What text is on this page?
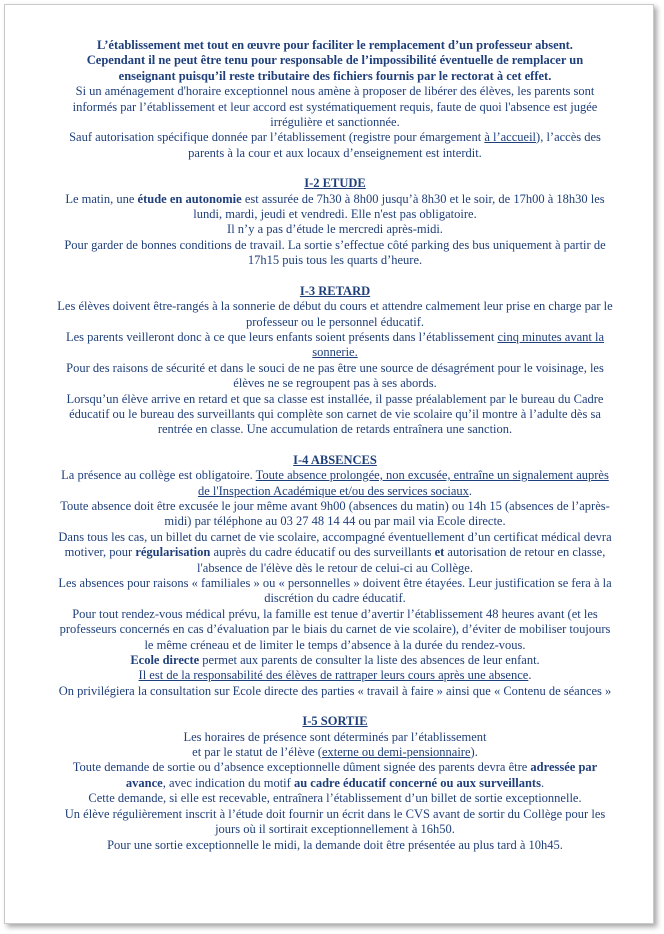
L’établissement met tout en œuvre pour faciliter le remplacement d’un professeur absent.
Cependant il ne peut être tenu pour responsable de l’impossibilité éventuelle de remplacer un
enseignant puisqu’il reste tributaire des fichiers fournis par le rectorat à cet effet.

Si un aménagement d'horaire exceptionnel nous amène à proposer de libérer des élèves, les parents sont informés par l’établissement et leur accord est systématiquement requis, faute de quoi l'absence est jugée irrégulière et sanctionnée.

Sauf autorisation spécifique donnée par l’établissement (registre pour émargement à l’accueil), l’accès des parents à la cour et aux locaux d’enseignement est interdit.

I-2 ETUDE

Le matin, une étude en autonomie est assurée de 7h30 à 8h00 jusqu’à 8h30 et le soir, de 17h00 à 18h30 les lundi, mardi, jeudi et vendredi. Elle n'est pas obligatoire.

Il n’y a pas d’étude le mercredi après-midi.

Pour garder de bonnes conditions de travail. La sortie s’effectue côté parking des bus uniquement à partir de 17h15 puis tous les quarts d’heure.

I-3 RETARD

Les élèves doivent être-rangés à la sonnerie de début du cours et attendre calmement leur prise en charge par le professeur ou le personnel éducatif.

Les parents veilleront donc à ce que leurs enfants soient présents dans l’établissement cinq minutes avant la sonnerie.

Pour des raisons de sécurité et dans le souci de ne pas être une source de désagrément pour le voisinage, les élèves ne se regroupent pas à ses abords.

Lorsqu’un élève arrive en retard et que sa classe est installée, il passe préalablement par le bureau du Cadre éducatif ou le bureau des surveillants qui complète son carnet de vie scolaire qu’il montre à l’adulte dès sa rentrée en classe. Une accumulation de retards entraînera une sanction.

I-4 ABSENCES

La présence au collège est obligatoire. Toute absence prolongée, non excusée, entraîne un signalement auprès de l'Inspection Académique et/ou des services sociaux.

Toute absence doit être excusée le jour même avant 9h00 (absences du matin) ou 14h 15 (absences de l’après-midi) par téléphone au 03 27 48 14 44 ou par mail via Ecole directe.

Dans tous les cas, un billet du carnet de vie scolaire, accompagné éventuellement d’un certificat médical devra motiver, pour régularisation auprès du cadre éducatif ou des surveillants et autorisation de retour en classe, l'absence de l'élève dès le retour de celui-ci au Collège.

Les absences pour raisons « familiales » ou « personnelles » doivent être étayées. Leur justification se fera à la discrétion du cadre éducatif.

Pour tout rendez-vous médical prévu, la famille est tenue d’avertir l’établissement 48 heures avant (et les professeurs concernés en cas d’évaluation par le biais du carnet de vie scolaire), d’éviter de mobiliser toujours le même créneau et de limiter le temps d’absence à la durée du rendez-vous.

Ecole directe permet aux parents de consulter la liste des absences de leur enfant.

Il est de la responsabilité des élèves de rattraper leurs cours après une absence.

On privilégiera la consultation sur Ecole directe des parties « travail à faire » ainsi que « Contenu de séances »

I-5 SORTIE

Les horaires de présence sont déterminés par l’établissement
et par le statut de l’élève (externe ou demi-pensionnaire).

Toute demande de sortie ou d’absence exceptionnelle dûment signée des parents devra être adressée par avance, avec indication du motif au cadre éducatif concerné ou aux surveillants.

Cette demande, si elle est recevable, entraînera l’établissement d’un billet de sortie exceptionnelle.

Un élève régulièrement inscrit à l’étude doit fournir un écrit dans le CVS avant de sortir du Collège pour les jours où il sortirait exceptionnellement à 16h50.

Pour une sortie exceptionnelle le midi, la demande doit être présentée au plus tard à 10h45.
